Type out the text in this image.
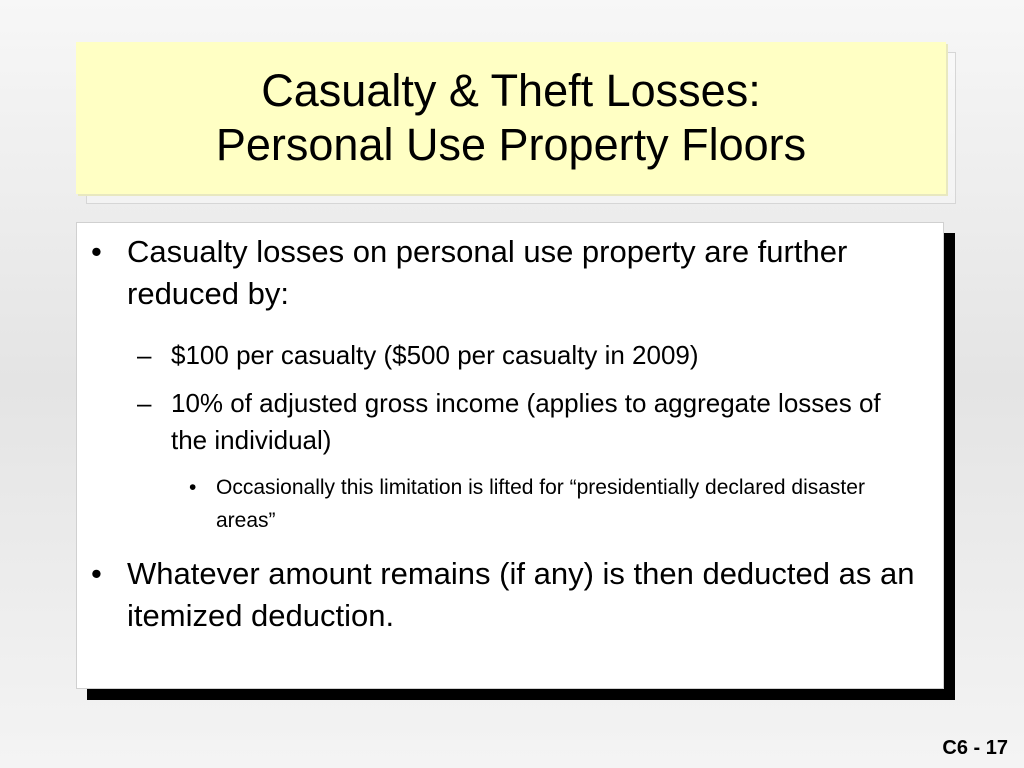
Casualty & Theft Losses:
Personal Use Property Floors
• Casualty losses on personal use property are further reduced by:
– $100 per casualty ($500 per casualty in 2009)
– 10% of adjusted gross income (applies to aggregate losses of the individual)
• Occasionally this limitation is lifted for “presidentially declared disaster areas”
• Whatever amount remains (if any) is then deducted as an itemized deduction.
C6 - 17
